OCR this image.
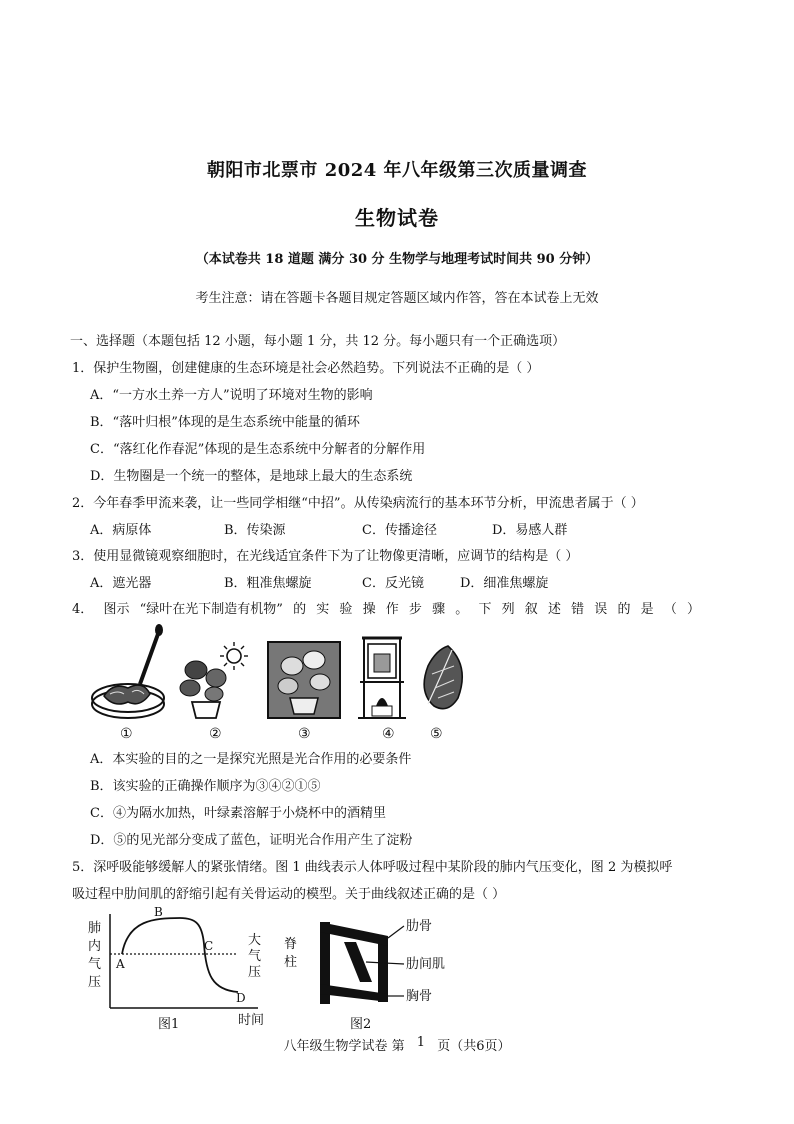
朝阳市北票市 2024 年八年级第三次质量调查
生物试卷
（本试卷共 18 道题 满分 30 分 生物学与地理考试时间共 90 分钟）
考生注意：请在答题卡各题目规定答题区域内作答，答在本试卷上无效
一、选择题（本题包括 12 小题，每小题 1 分，共 12 分。每小题只有一个正确选项）
1．保护生物圈，创建健康的生态环境是社会必然趋势。下列说法不正确的是（ ）
A．“一方水土养一方人”说明了环境对生物的影响
B．“落叶归根”体现的是生态系统中能量的循环
C．“落红化作春泥”体现的是生态系统中分解者的分解作用
D．生物圈是一个统一的整体，是地球上最大的生态系统
2．今年春季甲流来袭，让一些同学相继“中招”。从传染病流行的基本环节分析，甲流患者属于（ ）
A．病原体	B．传染源	C．传播途径	D．易感人群
3．使用显微镜观察细胞时，在光线适宜条件下为了让物像更清晰，应调节的结构是（ ）
A．遮光器	B．粗准焦螺旋	C．反光镜	D．细准焦螺旋
4． 图示 “绿叶在光下制造有机物” 的 实 验 操 作 步 骤 。 下 列 叙 述 错 误 的 是 （ ）
①	②	③	④	⑤
A．本实验的目的之一是探究光照是光合作用的必要条件
B．该实验的正确操作顺序为③④②①⑤
C．④为隔水加热，叶绿素溶解于小烧杯中的酒精里
D．⑤的见光部分变成了蓝色，证明光合作用产生了淀粉
5．深呼吸能够缓解人的紧张情绪。图 1 曲线表示人体呼吸过程中某阶段的肺内气压变化，图 2 为模拟呼
吸过程中肋间肌的舒缩引起有关骨运动的模型。关于曲线叙述正确的是（ ）
肺
内
气
压
A
B
C
D
大
气
压
时间
图1
脊
柱
肋骨
肋间肌
胸骨
图2
八年级生物学试卷 第 1 页（共6页）
